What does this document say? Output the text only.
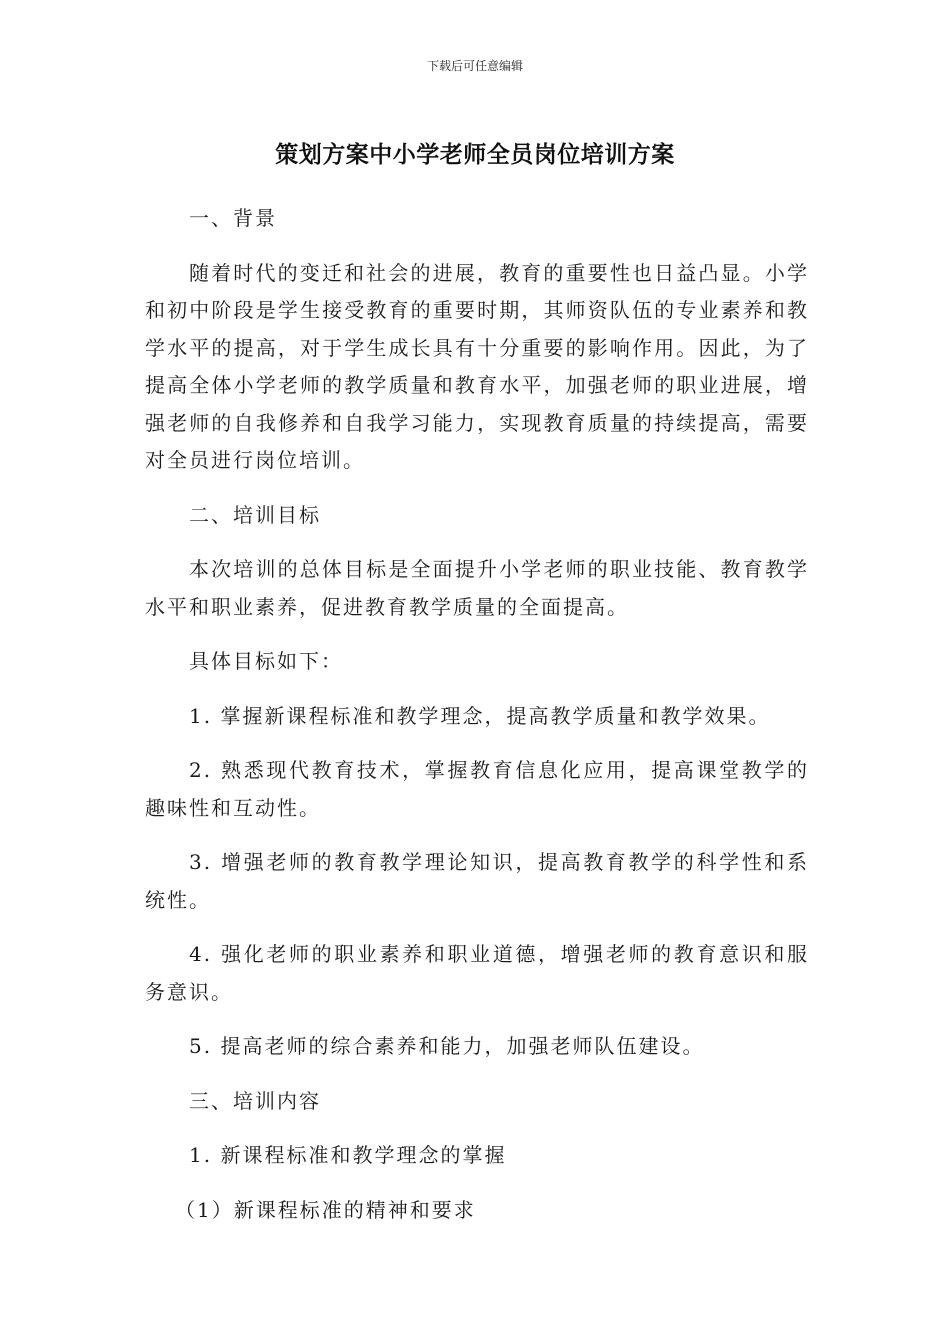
下载后可任意编辑
策划方案中小学老师全员岗位培训方案

一、背景

随着时代的变迁和社会的进展，教育的重要性也日益凸显。小学和初中阶段是学生接受教育的重要时期，其师资队伍的专业素养和教学水平的提高，对于学生成长具有十分重要的影响作用。因此，为了提高全体小学老师的教学质量和教育水平，加强老师的职业进展，增强老师的自我修养和自我学习能力，实现教育质量的持续提高，需要对全员进行岗位培训。

二、培训目标

本次培训的总体目标是全面提升小学老师的职业技能、教育教学水平和职业素养，促进教育教学质量的全面提高。

具体目标如下：

1. 掌握新课程标准和教学理念，提高教学质量和教学效果。

2. 熟悉现代教育技术，掌握教育信息化应用，提高课堂教学的趣味性和互动性。

3. 增强老师的教育教学理论知识，提高教育教学的科学性和系统性。

4. 强化老师的职业素养和职业道德，增强老师的教育意识和服务意识。

5. 提高老师的综合素养和能力，加强老师队伍建设。

三、培训内容

1. 新课程标准和教学理念的掌握

（1）新课程标准的精神和要求
